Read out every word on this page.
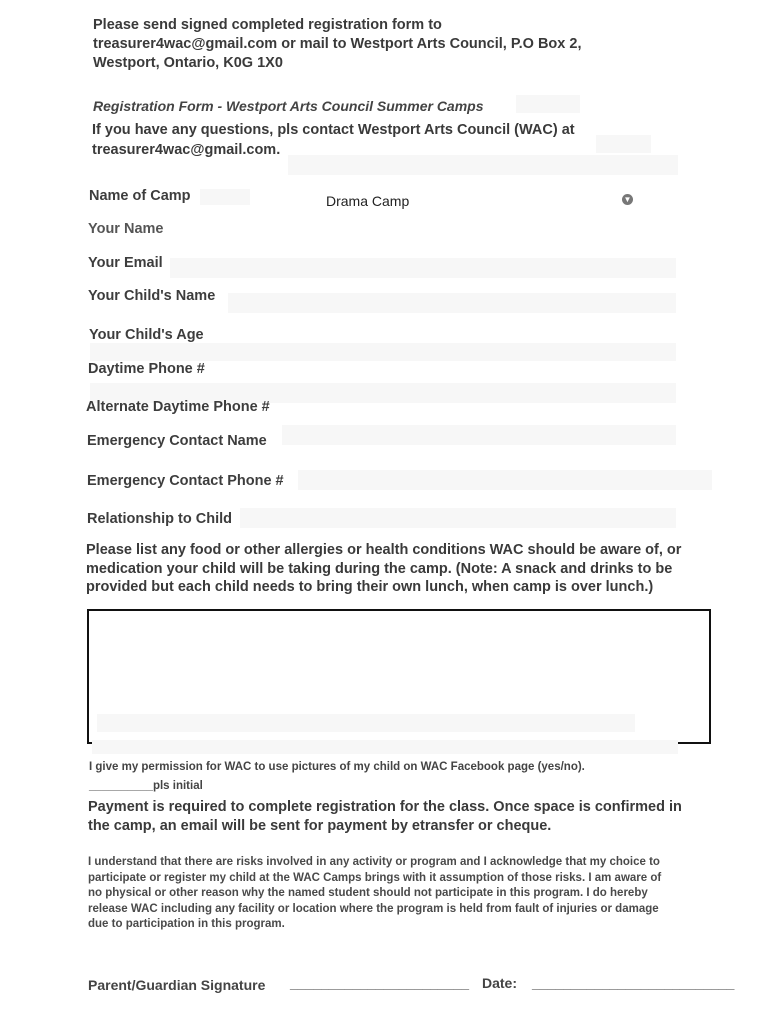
Please send signed completed registration form to
treasurer4wac@gmail.com or mail to Westport Arts Council, P.O Box 2,
Westport, Ontario, K0G 1X0
Registration Form - Westport Arts Council Summer Camps
If you have any questions, pls contact Westport Arts Council (WAC) at
treasurer4wac@gmail.com.
Name of Camp	Drama Camp	▼
Your Name
Your Email
Your Child's Name
Your Child's Age
Daytime Phone #
Alternate Daytime Phone #
Emergency Contact Name
Emergency Contact Phone #
Relationship to Child
Please list any food or other allergies or health conditions WAC should be aware of, or
medication your child will be taking during the camp. (Note: A snack and drinks to be
provided but each child needs to bring their own lunch, when camp is over lunch.)
I give my permission for WAC to use pictures of my child on WAC Facebook page (yes/no).
__________pls initial
Payment is required to complete registration for the class. Once space is confirmed in
the camp, an email will be sent for payment by etransfer or cheque.
I understand that there are risks involved in any activity or program and I acknowledge that my choice to
participate or register my child at the WAC Camps brings with it assumption of those risks. I am aware of
no physical or other reason why the named student should not participate in this program. I do hereby
release WAC including any facility or location where the program is held from fault of injuries or damage
due to participation in this program.
Parent/Guardian Signature _______________________ Date: __________________________
